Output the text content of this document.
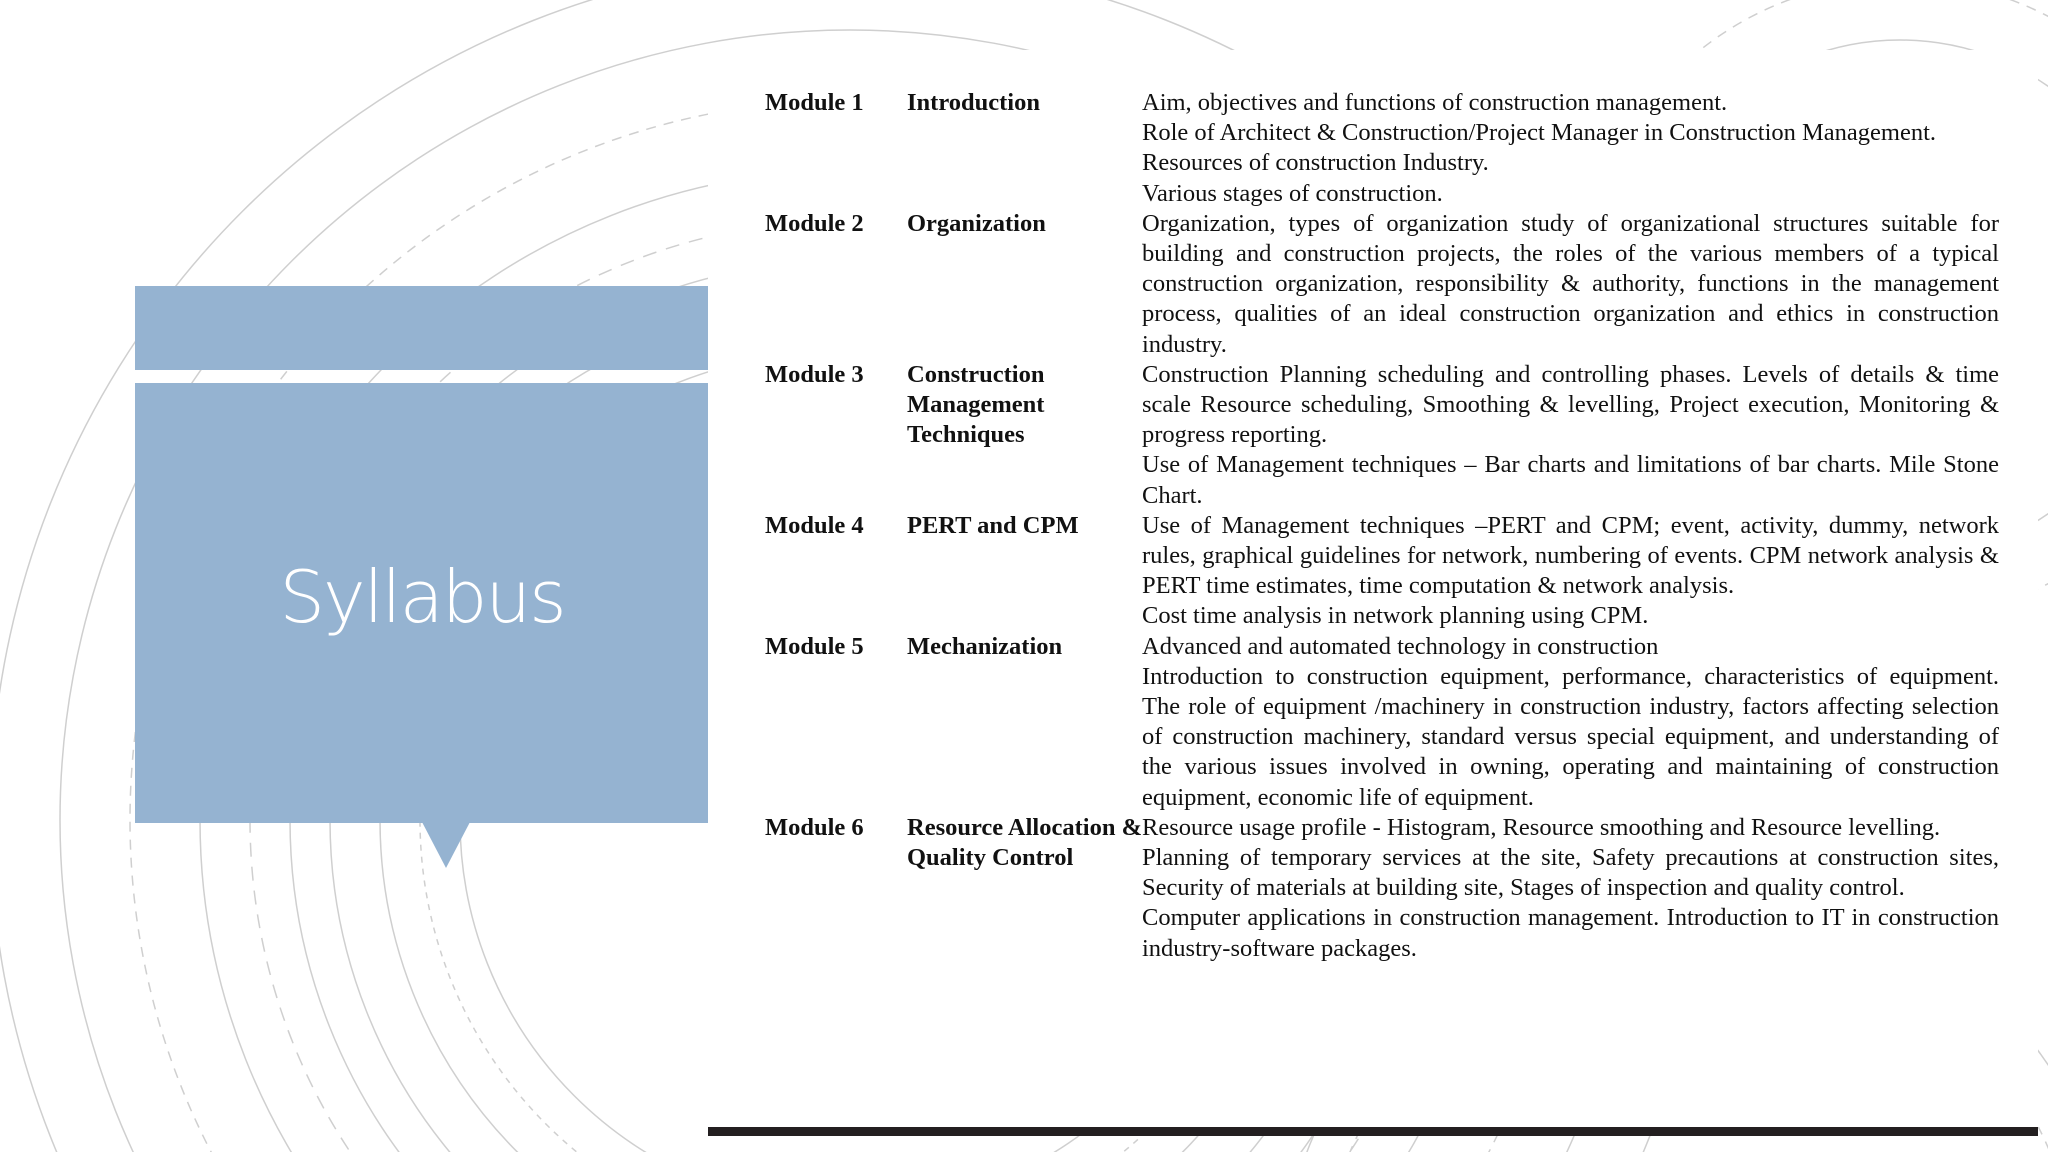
Syllabus
Module 1	Introduction	Aim, objectives and functions of construction management.
Role of Architect & Construction/Project Manager in Construction Management.
Resources of construction Industry.
Various stages of construction.

Module 2	Organization	Organization, types of organization study of organizational structures suitable for building and construction projects, the roles of the various members of a typical construction organization, responsibility & authority, functions in the management process, qualities of an ideal construction organization and ethics in construction industry.

Module 3	Construction Management Techniques	Construction Planning scheduling and controlling phases. Levels of details & time scale Resource scheduling, Smoothing & levelling, Project execution, Monitoring & progress reporting.
Use of Management techniques – Bar charts and limitations of bar charts. Mile Stone Chart.

Module 4	PERT and CPM	Use of Management techniques –PERT and CPM; event, activity, dummy, network rules, graphical guidelines for network, numbering of events. CPM network analysis & PERT time estimates, time computation & network analysis.
Cost time analysis in network planning using CPM.

Module 5	Mechanization	Advanced and automated technology in construction
Introduction to construction equipment, performance, characteristics of equipment. The role of equipment /machinery in construction industry, factors affecting selection of construction machinery, standard versus special equipment, and understanding of the various issues involved in owning, operating and maintaining of construction equipment, economic life of equipment.

Module 6	Resource Allocation & Quality Control	Resource usage profile - Histogram, Resource smoothing and Resource levelling.
Planning of temporary services at the site, Safety precautions at construction sites, Security of materials at building site, Stages of inspection and quality control.
Computer applications in construction management. Introduction to IT in construction industry-software packages.
